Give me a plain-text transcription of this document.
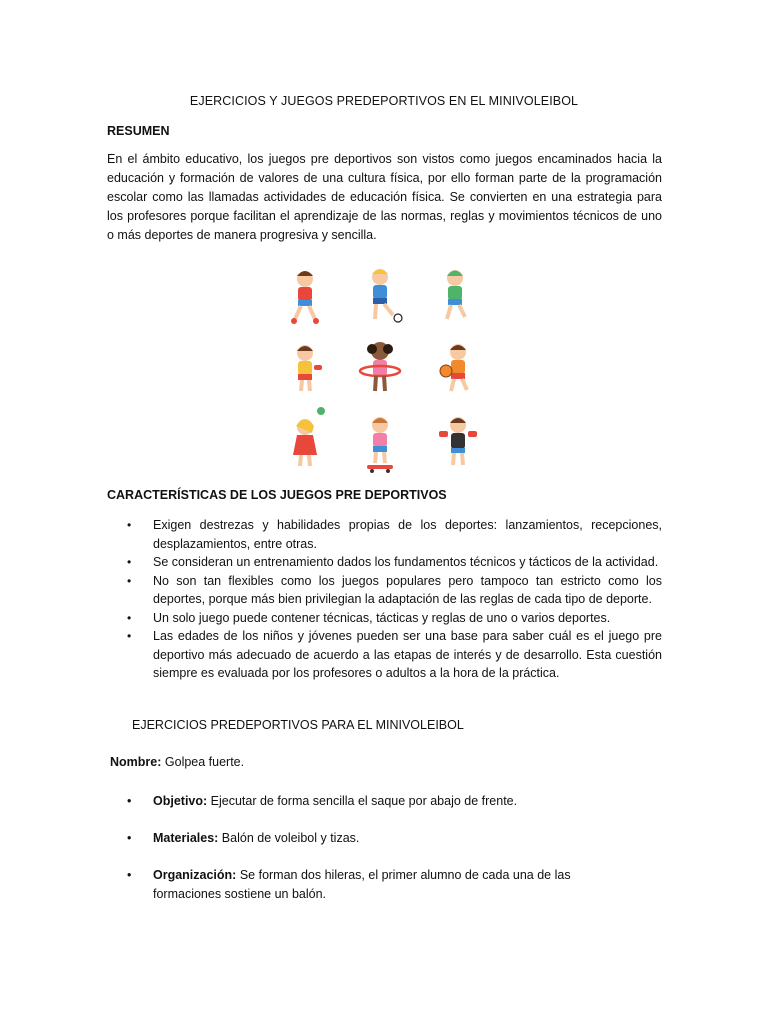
EJERCICIOS Y JUEGOS PREDEPORTIVOS EN EL MINIVOLEIBOL
RESUMEN
En el ámbito educativo, los juegos pre deportivos son vistos como juegos encaminados hacia la educación y formación de valores de una cultura física, por ello forman parte de la programación escolar como las llamadas actividades de educación física. Se convierten en una estrategia para los profesores porque facilitan el aprendizaje de las normas, reglas y movimientos técnicos de uno o más deportes de manera progresiva y sencilla.
CARACTERÍSTICAS DE LOS JUEGOS PRE DEPORTIVOS
• Exigen destrezas y habilidades propias de los deportes: lanzamientos, recepciones, desplazamientos, entre otras.
• Se consideran un entrenamiento dados los fundamentos técnicos y tácticos de la actividad.
• No son tan flexibles como los juegos populares pero tampoco tan estricto como los deportes, porque más bien privilegian la adaptación de las reglas de cada tipo de deporte.
• Un solo juego puede contener técnicas, tácticas y reglas de uno o varios deportes.
• Las edades de los niños y jóvenes pueden ser una base para saber cuál es el juego pre deportivo más adecuado de acuerdo a las etapas de interés y de desarrollo. Esta cuestión siempre es evaluada por los profesores o adultos a la hora de la práctica.
EJERCICIOS PREDEPORTIVOS PARA EL MINIVOLEIBOL
Nombre: Golpea fuerte.
• Objetivo: Ejecutar de forma sencilla el saque por abajo de frente.
• Materiales: Balón de voleibol y tizas.
• Organización: Se forman dos hileras, el primer alumno de cada una de las formaciones sostiene un balón.
